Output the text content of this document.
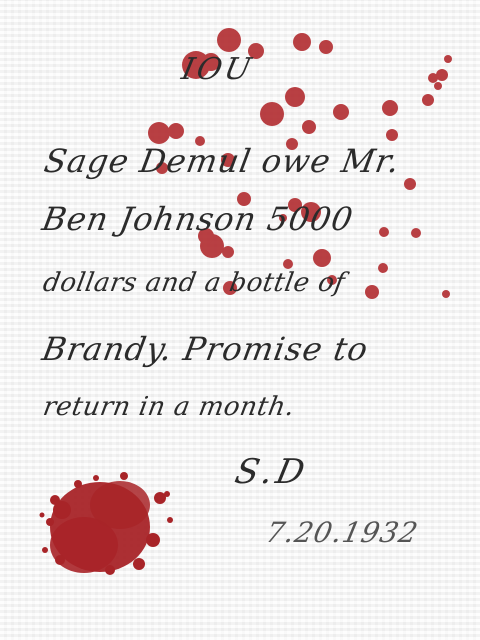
IOU

Sage Demul owe Mr.

Ben Johnson 5000

dollars and a bottle of

Brandy. Promise to

return in a month.

S.D

7.20.1932
